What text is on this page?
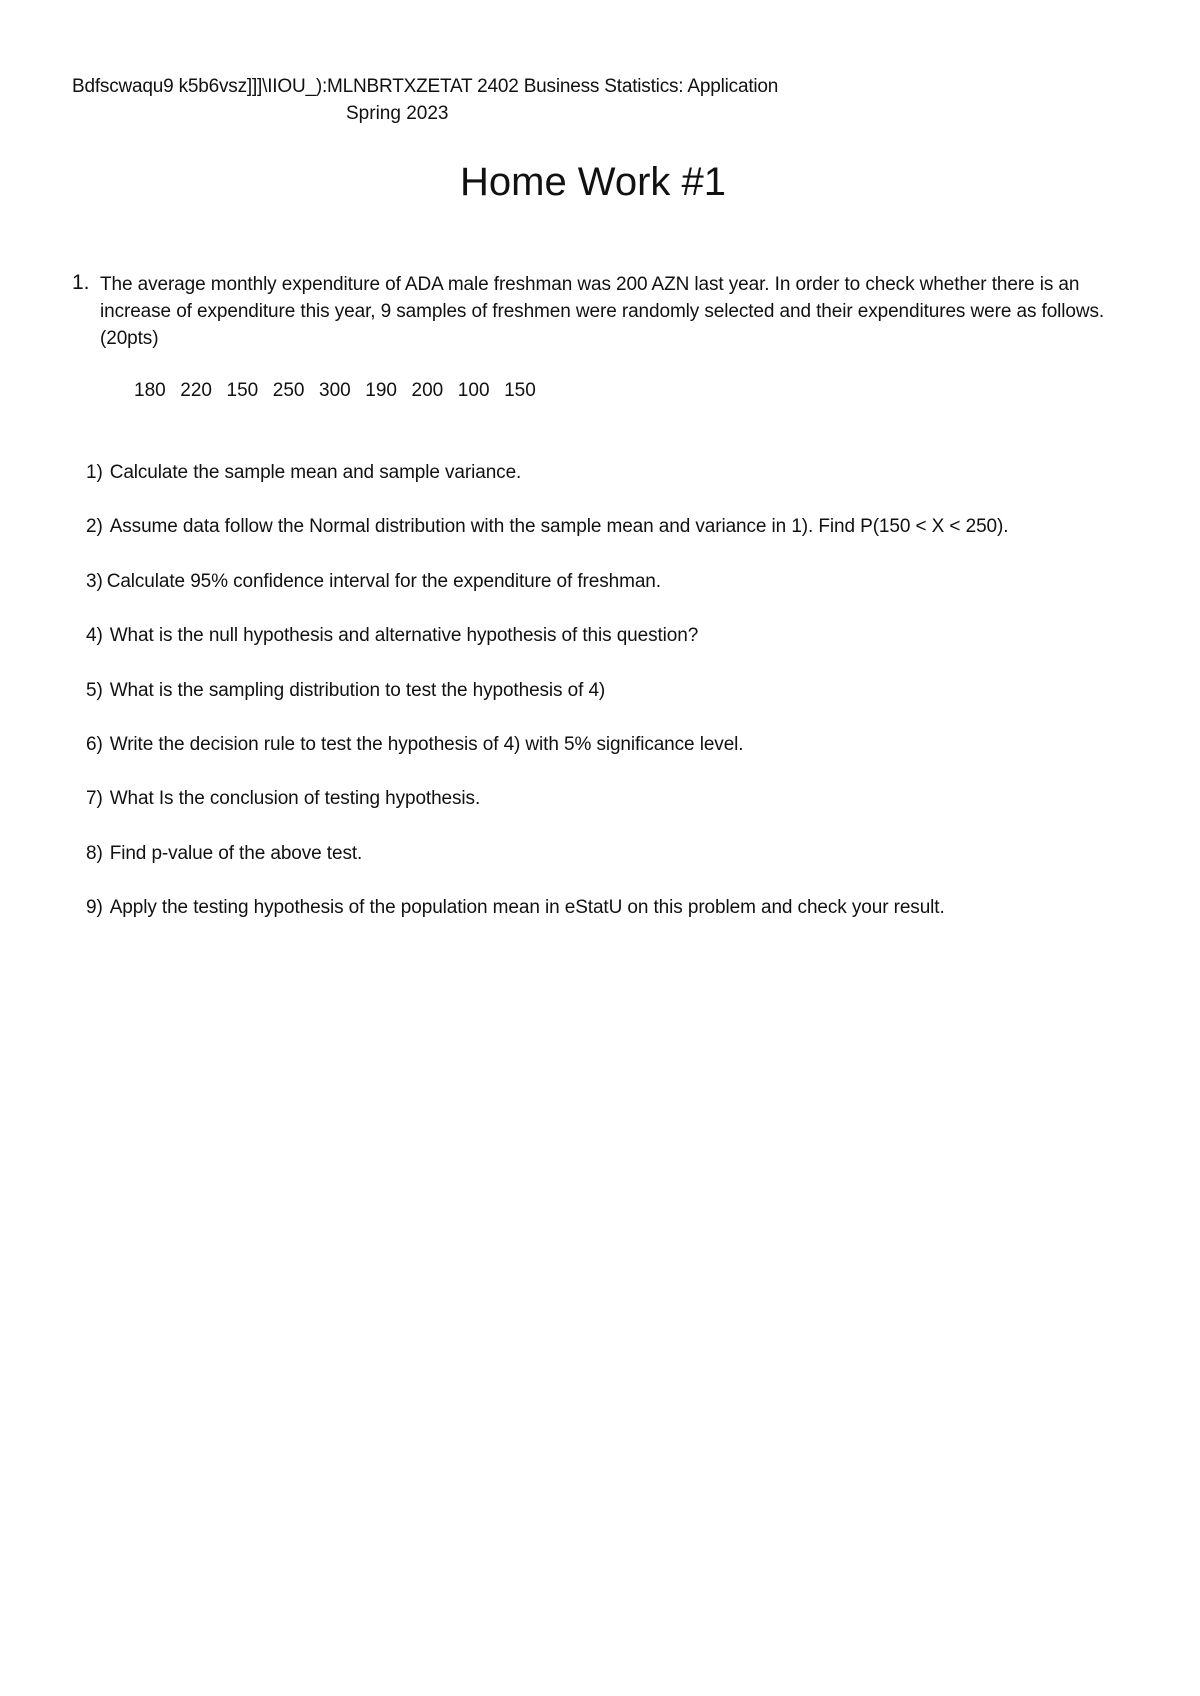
Bdfscwaqu9 k5b6vsz]]]\IIOU_):MLNBRTXZETAT 2402 Business Statistics: Application
Spring 2023
Home Work #1
1. The average monthly expenditure of ADA male freshman was 200 AZN last year. In order to check whether there is an increase of expenditure this year, 9 samples of freshmen were randomly selected and their expenditures were as follows. (20pts)
180  220  150  250  300  190  200  100  150
1) Calculate the sample mean and sample variance.
2) Assume data follow the Normal distribution with the sample mean and variance in 1). Find P(150 < X < 250).
3) Calculate 95% confidence interval for the expenditure of freshman.
4) What is the null hypothesis and alternative hypothesis of this question?
5) What is the sampling distribution to test the hypothesis of 4)
6) Write the decision rule to test the hypothesis of 4) with 5% significance level.
7) What Is the conclusion of testing hypothesis.
8) Find p-value of the above test.
9) Apply the testing hypothesis of the population mean in eStatU on this problem and check your result.
